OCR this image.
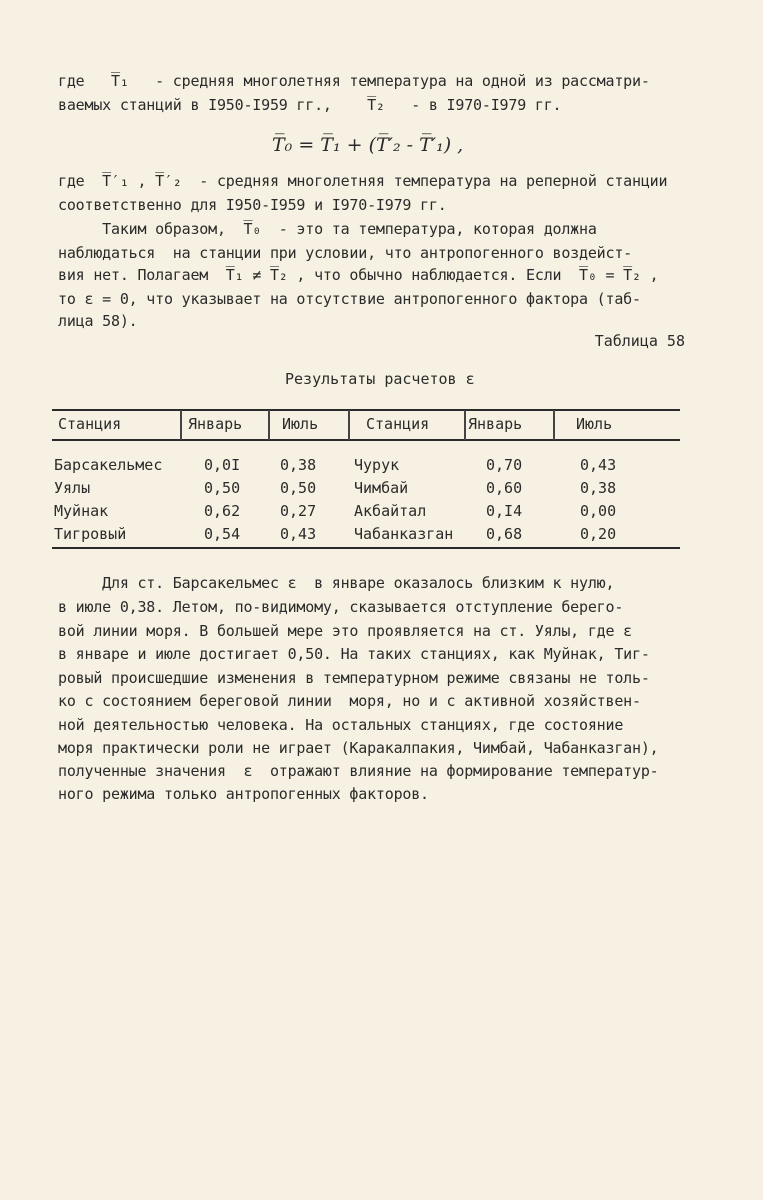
где   T̅₁   - средняя многолетняя температура на одной из рассматри-
ваемых станций в I950-I959 гг.,    T̅₂   - в I970-I979 гг.
T̅₀ = T̅₁ + (T̅′₂ - T̅′₁) ,
где  T̅′₁ , T̅′₂  - средняя многолетняя температура на реперной станции
соответственно для I950-I959 и I970-I979 гг.
Таким образом,  T̅₀  - это та температура, которая должна
наблюдаться  на станции при условии, что антропогенного воздейст-
вия нет. Полагаем  T̅₁ ≠ T̅₂ , что обычно наблюдается. Если  T̅₀ = T̅₂ ,
то ε = 0, что указывает на отсутствие антропогенного фактора (таб-
лица 58).
Таблица 58
Результаты расчетов ε
Станция	Январь	Июль	Станция	Январь	Июль
Барсакельмес	0,0I	0,38	Чурук	0,70	0,43
Уялы	0,50	0,50	Чимбай	0,60	0,38
Муйнак	0,62	0,27	Акбайтал	0,I4	0,00
Тигровый	0,54	0,43	Чабанказган 0,68	0,20
Для ст. Барсакельмес ε  в январе оказалось близким к нулю,
в июле 0,38. Летом, по-видимому, сказывается отступление берего-
вой линии моря. В большей мере это проявляется на ст. Уялы, где ε
в январе и июле достигает 0,50. На таких станциях, как Муйнак, Тиг-
ровый происшедшие изменения в температурном режиме связаны не толь-
ко с состоянием береговой линии  моря, но и с активной хозяйствен-
ной деятельностью человека. На остальных станциях, где состояние
моря практически роли не играет (Каракалпакия, Чимбай, Чабанказган),
полученные значения  ε  отражают влияние на формирование температур-
ного режима только антропогенных факторов.
